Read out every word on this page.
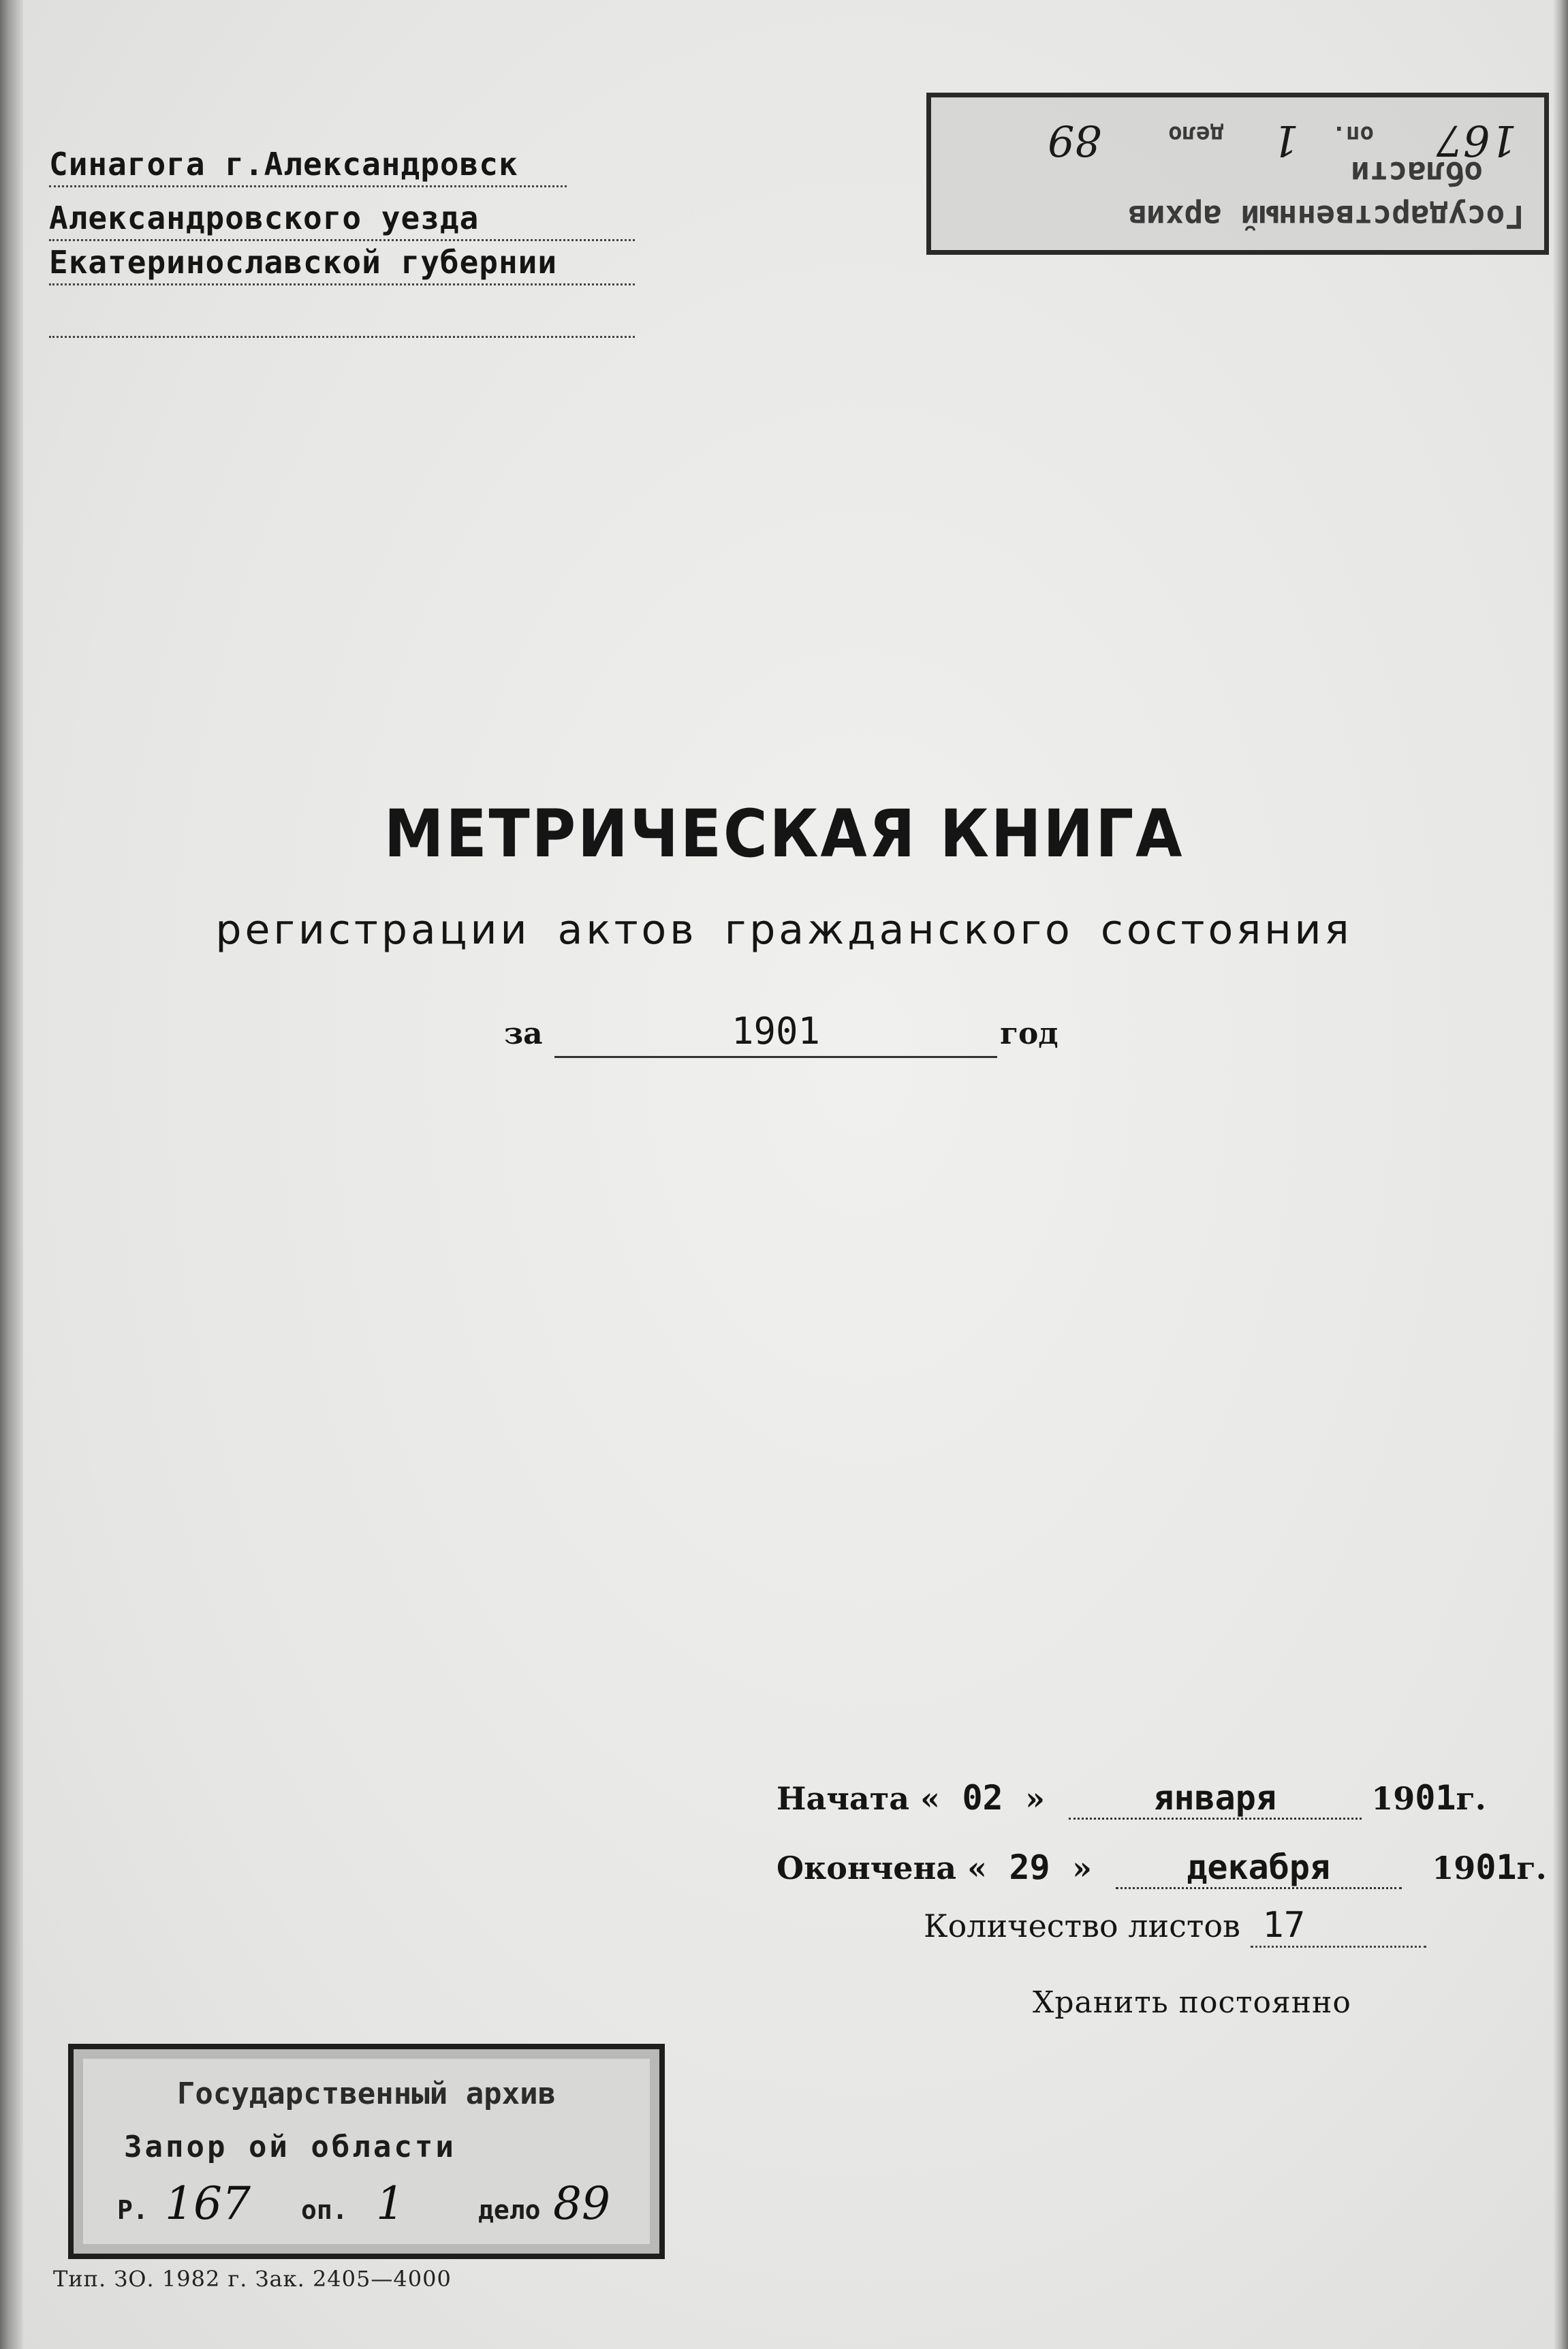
Синагога г.Александровск
Александровского уезда
Екатеринославской губернии
Государственный архив
области
167
оп.
1
дело
89
МЕТРИЧЕСКАЯ КНИГА
регистрации актов гражданского состояния
за	1901	год
Начата « 02 »	января	1901г.
Окончена « 29 »	декабря	1901г.
Количество листов 17
Хранить постоянно
Государственный архив
Запор ой области
Р. 167 оп. 1	дело 89
Тип. ЗО. 1982 г. Зак. 2405—4000
